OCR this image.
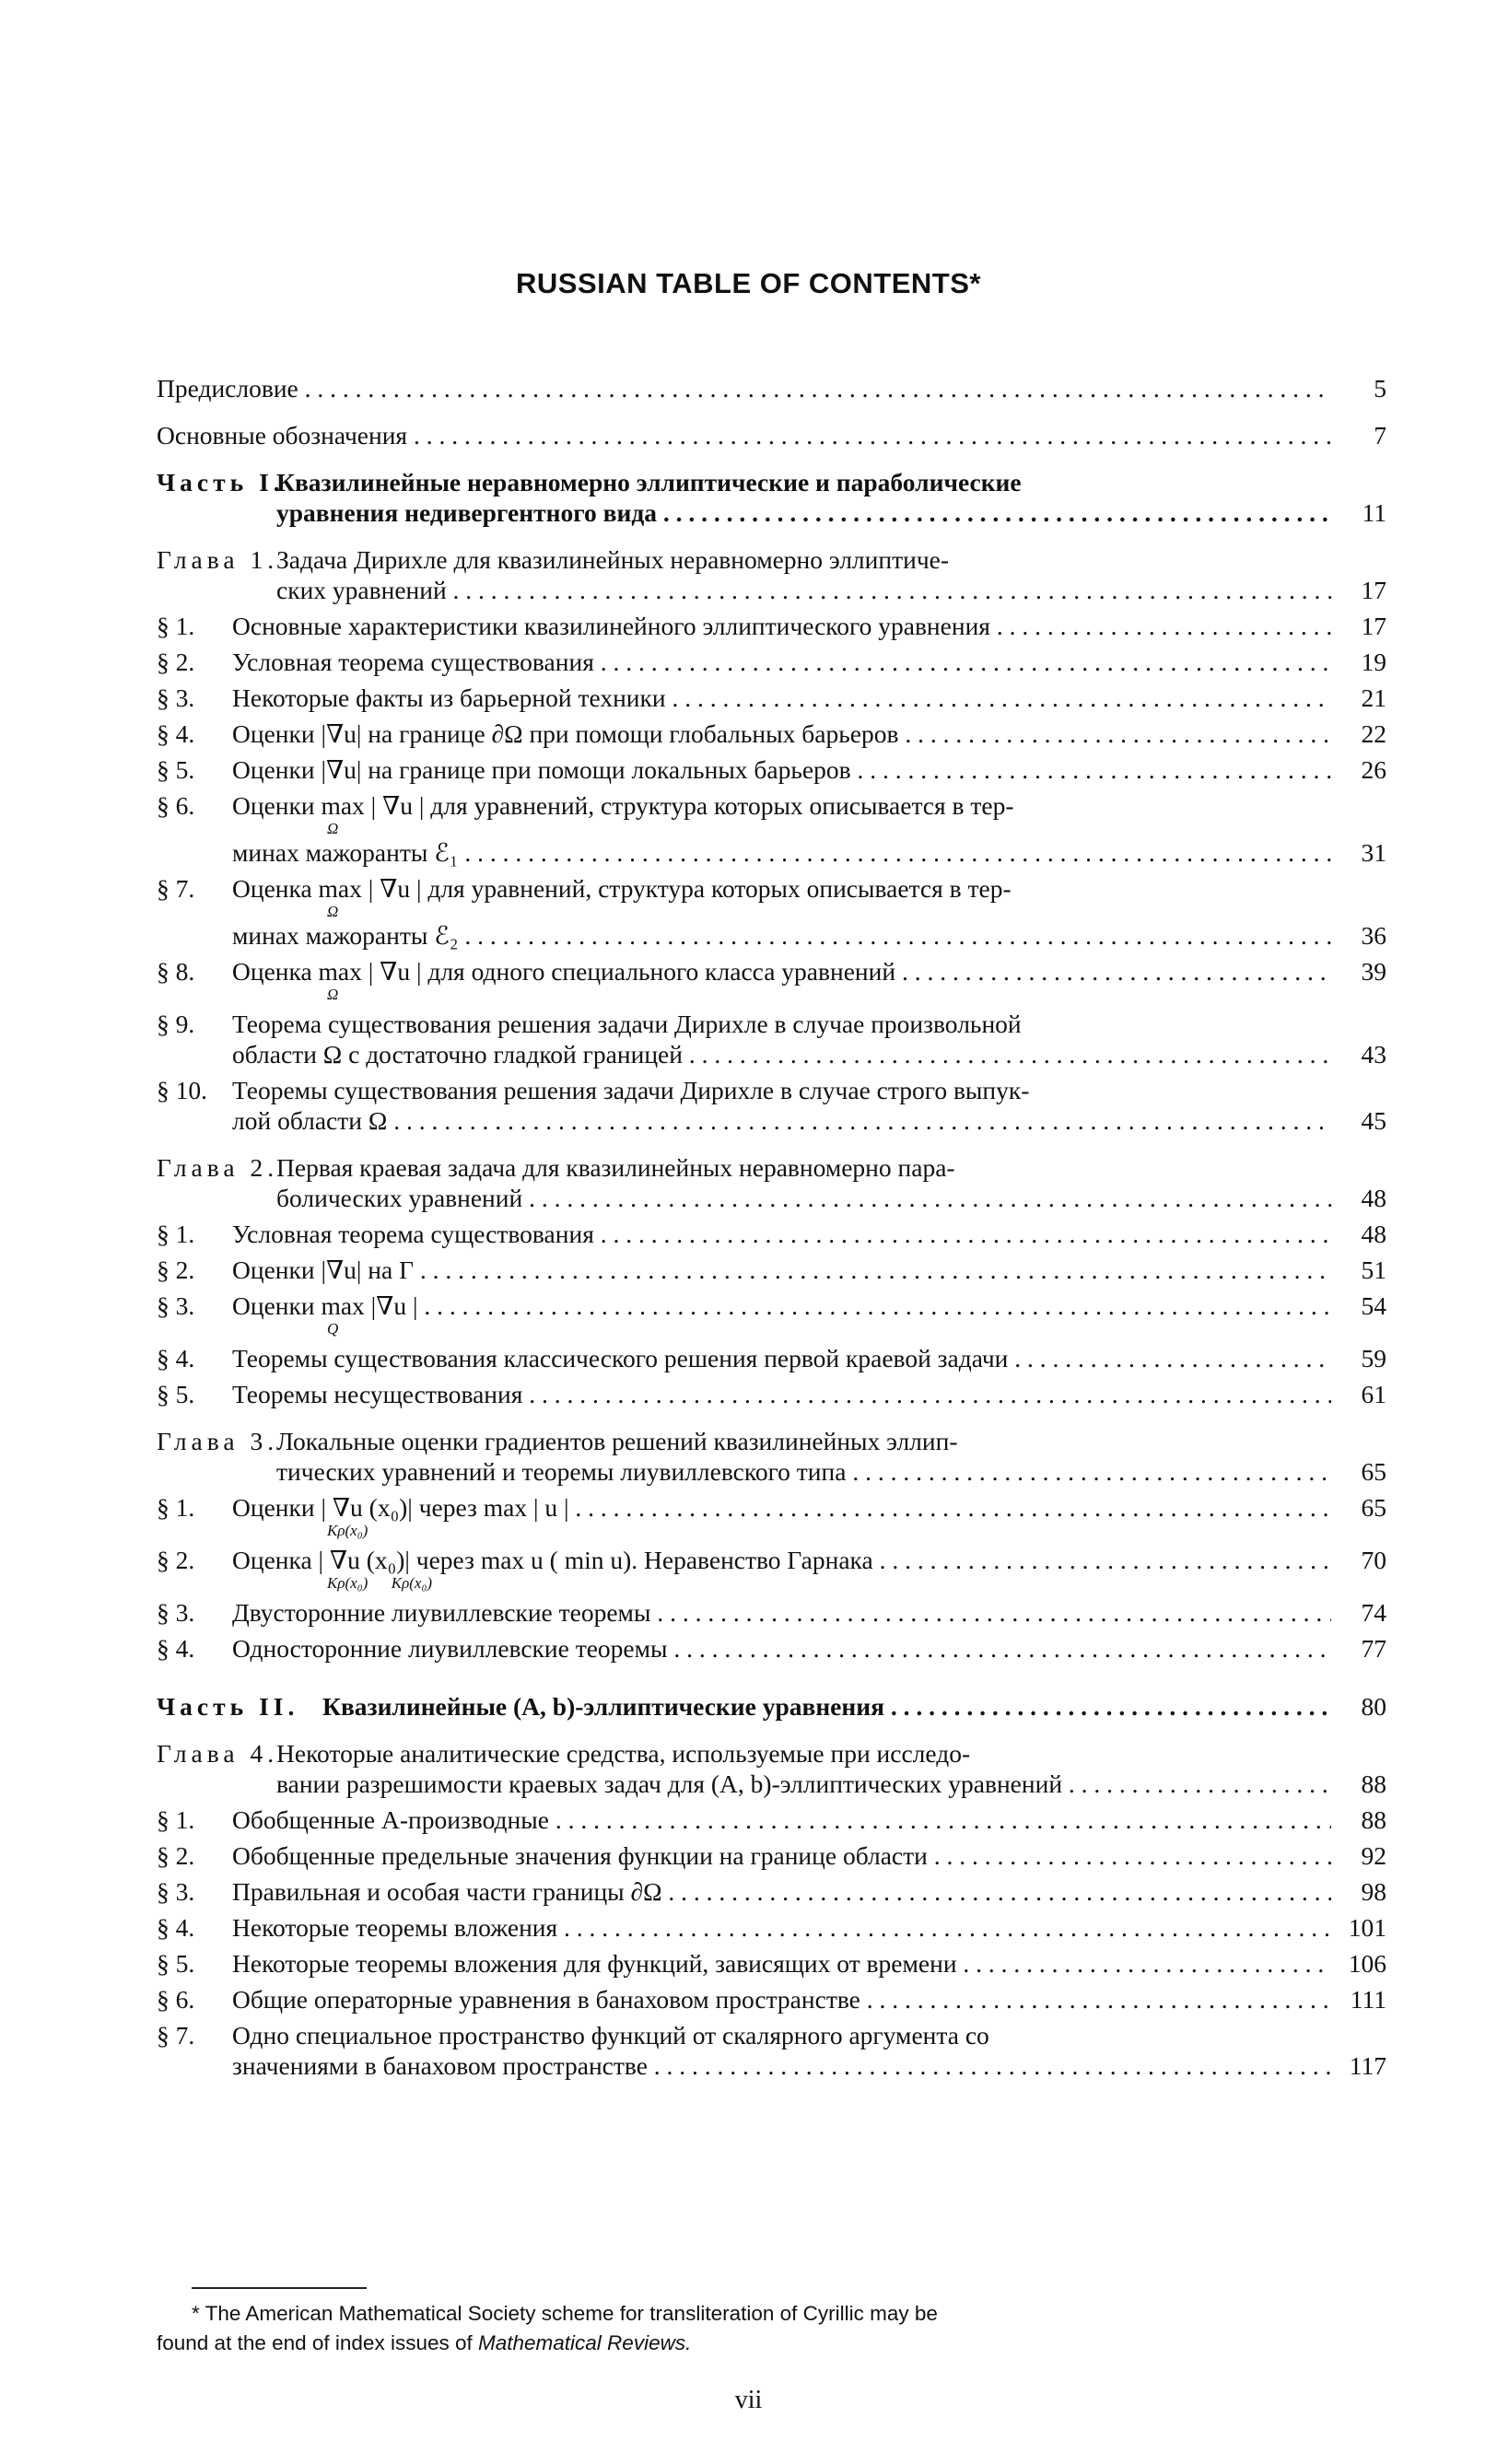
RUSSIAN TABLE OF CONTENTS*
Предисловие . . .	5
Основные обозначения . . .	7
Часть I.
Квазилинейные неравномерно эллиптические и параболические
уравнения недивергентного вида . . .	11
Глава 1.
Задача Дирихле для квазилинейных неравномерно эллиптиче-
ских уравнений . . .	17
§ 1.	Основные характеристики квазилинейного эллиптического уравнения . . .	17
§ 2.	Условная теорема существования . . .	19
§ 3.	Некоторые факты из барьерной техники . . .	21
§ 4.	Оценки |∇u| на границе ∂Ω при помощи глобальных барьеров . . .	22
§ 5.	Оценки |∇u| на границе при помощи локальных барьеров . . .	26
§ 6.	Оценки max | ∇u | для уравнений, структура которых описывается в тер-
Ω
минах мажоранты ℰ₁ . . .	31
§ 7.	Оценка max | ∇u | для уравнений, структура которых описывается в тер-
Ω
минах мажоранты ℰ₂ . . .	36
§ 8.	Оценка max | ∇u | для одного специального класса уравнений . . .	39
Ω
§ 9.	Теорема существования решения задачи Дирихле в случае произвольной
области Ω с достаточно гладкой границей . . .	43
§ 10. Теоремы существования решения задачи Дирихле в случае строго выпук-
лой области Ω . . .	45
Глава 2.
Первая краевая задача для квазилинейных неравномерно пара-
болических уравнений . . .	48
§ 1.	Условная теорема существования . . .	48
§ 2.	Оценки |∇u| на Γ . . .	51
§ 3.	Оценки max |∇u | . . .	54
Q
§ 4.	Теоремы существования классического решения первой краевой задачи . . .	59
§ 5.	Теоремы несуществования . . .	61
Глава 3.
Локальные оценки градиентов решений квазилинейных эллип-
тических уравнений и теоремы лиувиллевского типа . . .	65
§ 1.	Оценки | ∇u (x₀)| через max | u | . . .	65
Kρ(x₀)
§ 2.	Оценка | ∇u (x₀)| через max u ( min u). Неравенство Гарнака . . .	70
Kρ(x₀)      Kρ(x₀)
§ 3.	Двусторонние лиувиллевские теоремы . . .	74
§ 4.	Односторонние лиувиллевские теоремы . . .	77
Часть II. Квазилинейные (A, b)-эллиптические уравнения . . .	80
Глава 4.
Некоторые аналитические средства, используемые при исследо-
вании разрешимости краевых задач для (A, b)-эллиптических уравнений . . .	88
§ 1.	Обобщенные A-производные . . .	88
§ 2.	Обобщенные предельные значения функции на границе области . . .	92
§ 3.	Правильная и особая части границы ∂Ω . . .	98
§ 4.	Некоторые теоремы вложения . . .	101
§ 5.	Некоторые теоремы вложения для функций, зависящих от времени . . .	106
§ 6.	Общие операторные уравнения в банаховом пространстве . . .	111
§ 7.	Одно специальное пространство функций от скалярного аргумента со
значениями в банаховом пространстве . . .	117
* The American Mathematical Society scheme for transliteration of Cyrillic may be
found at the end of index issues of Mathematical Reviews.
vii
